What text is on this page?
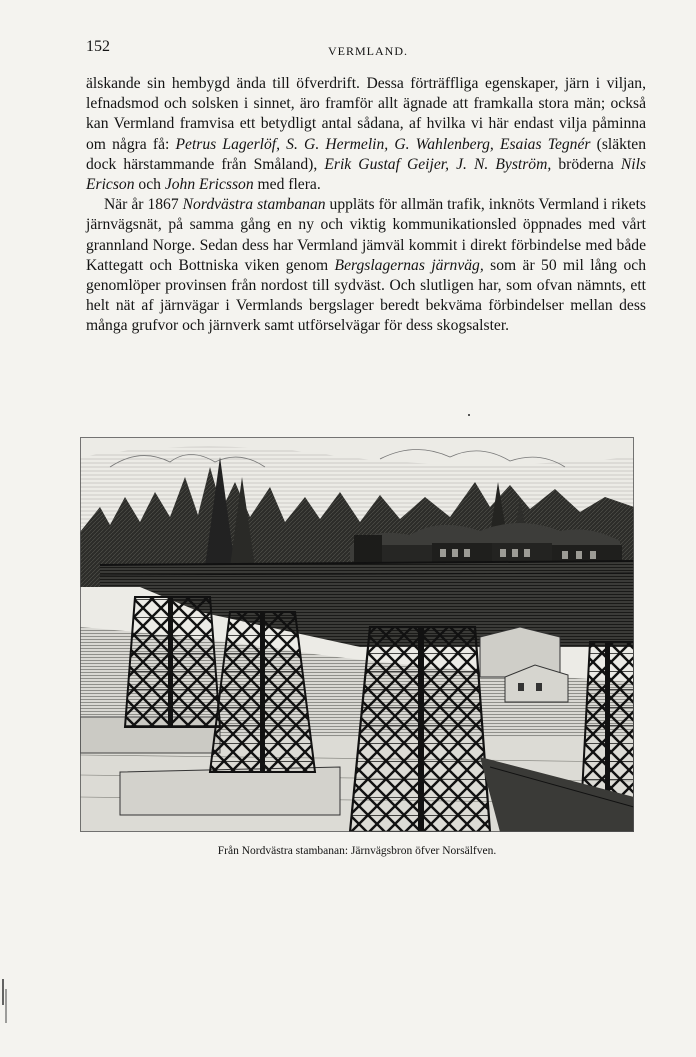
152	VERMLAND.

älskande sin hembygd ända till öfverdrift. Dessa förträffliga egenskaper, järn i viljan, lefnadsmod och solsken i sinnet, äro framför allt ägnade att framkalla stora män; också kan Vermland framvisa ett betydligt antal sådana, af hvilka vi här endast vilja påminna om några få: Petrus Lagerlöf, S. G. Hermelin, G. Wahlenberg, Esaias Tegnér (släkten dock härstammande från Småland), Erik Gustaf Geijer, J. N. Byström, bröderna Nils Ericson och John Ericsson med flera.

När år 1867 Nordvästra stambanan uppläts för allmän trafik, inknöts Vermland i rikets järnvägsnät, på samma gång en ny och viktig kommunikationsled öppnades med vårt grannland Norge. Sedan dess har Vermland jämväl kommit i direkt förbindelse med både Kattegatt och Bottniska viken genom Bergslagernas järnväg, som är 50 mil lång och genomlöper provinsen från nordost till sydväst. Och slutligen har, som ofvan nämnts, ett helt nät af järnvägar i Vermlands bergslager beredt bekväma förbindelser mellan dess många grufvor och järnverk samt utförselvägar för dess skogsalster.

Från Nordvästra stambanan: Järnvägsbron öfver Norsälfven.
